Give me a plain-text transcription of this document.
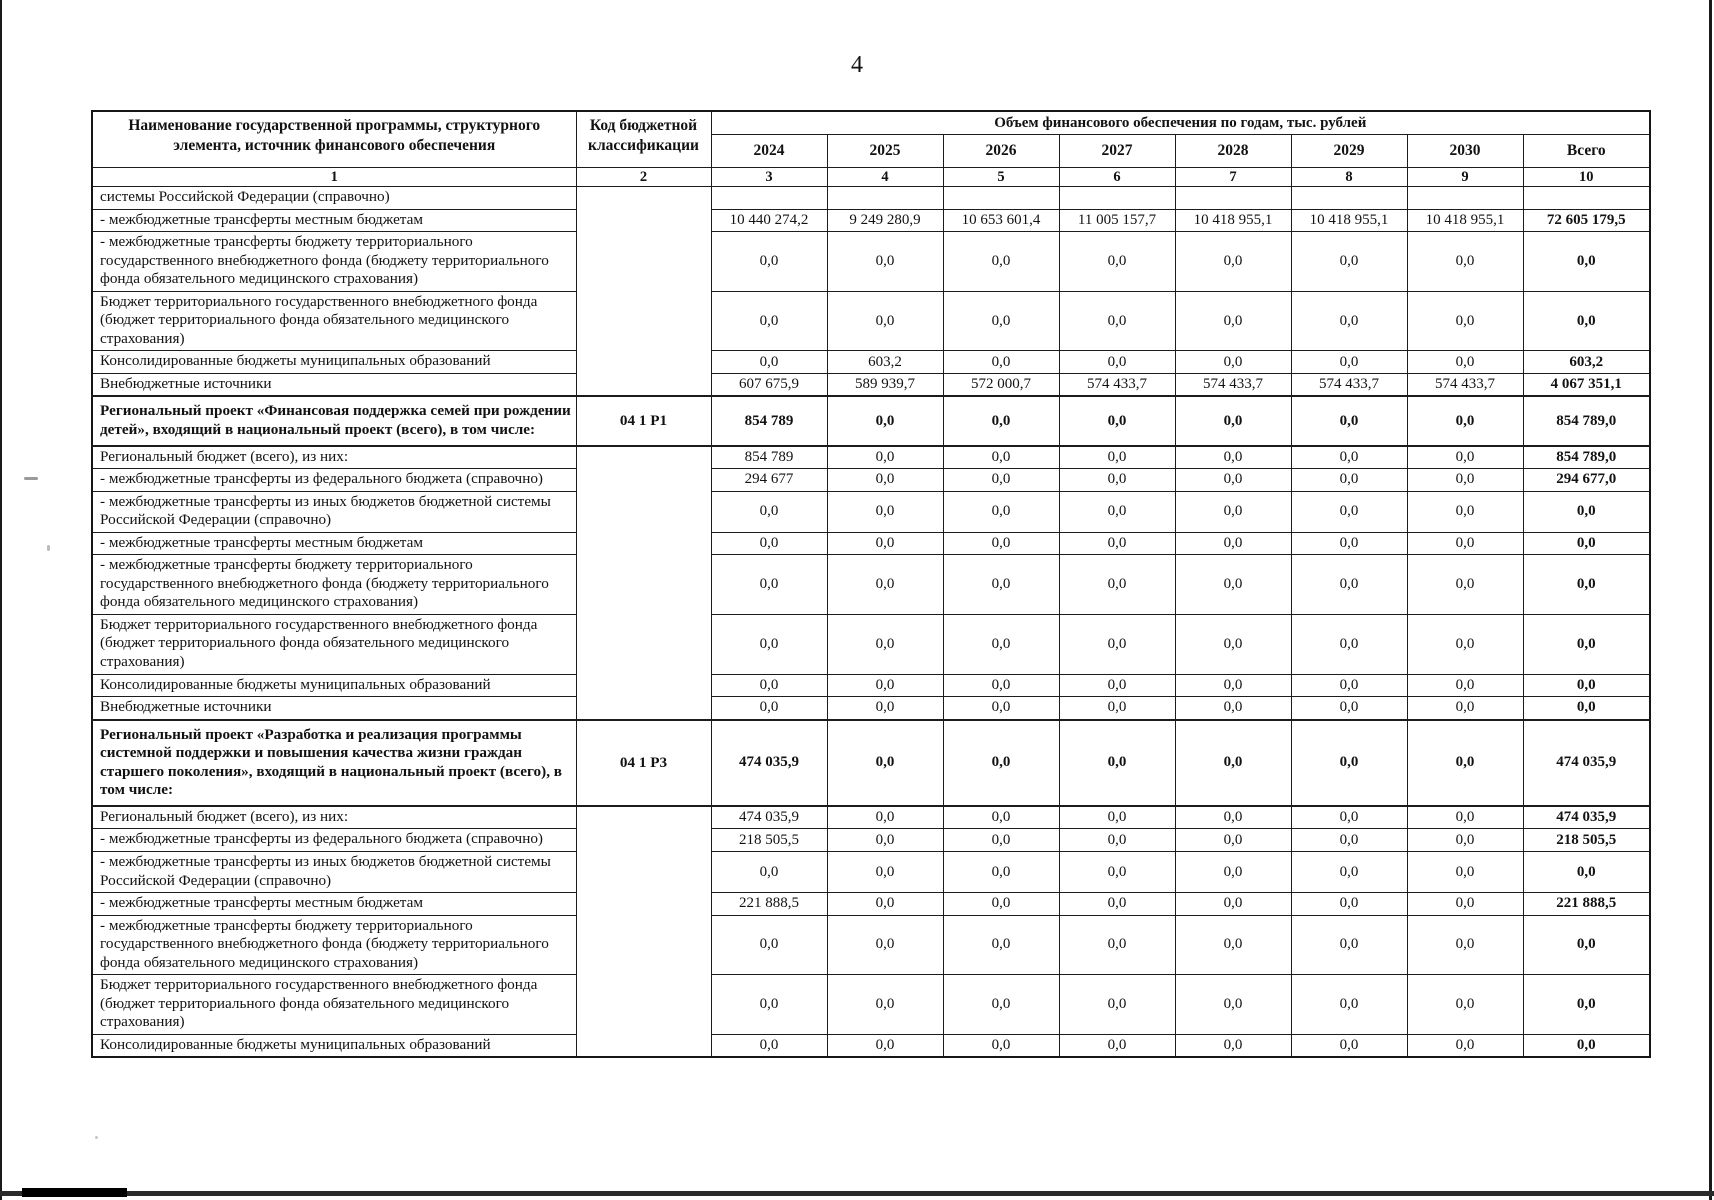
4
Наименование государственной программы, структурного элемента, источник финансового обеспечения	Код бюджетной классификации	Объем финансового обеспечения по годам, тыс. рублей							
		2024	2025	2026	2027	2028	2029	2030	Всего
1	2	3	4	5	6	7	8	9	10
системы Российской Федерации (справочно)									
- межбюджетные трансферты местным бюджетам		10 440 274,2	9 249 280,9	10 653 601,4	11 005 157,7	10 418 955,1	10 418 955,1	10 418 955,1	72 605 179,5
- межбюджетные трансферты бюджету территориального государственного внебюджетного фонда (бюджету территориального фонда обязательного медицинского страхования)		0,0	0,0	0,0	0,0	0,0	0,0	0,0	0,0
Бюджет территориального государственного внебюджетного фонда (бюджет территориального фонда обязательного медицинского страхования)		0,0	0,0	0,0	0,0	0,0	0,0	0,0	0,0
Консолидированные бюджеты муниципальных образований		0,0	603,2	0,0	0,0	0,0	0,0	0,0	603,2
Внебюджетные источники		607 675,9	589 939,7	572 000,7	574 433,7	574 433,7	574 433,7	574 433,7	4 067 351,1
Региональный проект «Финансовая поддержка семей при рождении детей», входящий в национальный проект (всего), в том числе:	04 1 Р1	854 789	0,0	0,0	0,0	0,0	0,0	0,0	854 789,0
Региональный бюджет (всего), из них:		854 789	0,0	0,0	0,0	0,0	0,0	0,0	854 789,0
- межбюджетные трансферты из федерального бюджета (справочно)		294 677	0,0	0,0	0,0	0,0	0,0	0,0	294 677,0
- межбюджетные трансферты из иных бюджетов бюджетной системы Российской Федерации (справочно)		0,0	0,0	0,0	0,0	0,0	0,0	0,0	0,0
- межбюджетные трансферты местным бюджетам		0,0	0,0	0,0	0,0	0,0	0,0	0,0	0,0
- межбюджетные трансферты бюджету территориального государственного внебюджетного фонда (бюджету территориального фонда обязательного медицинского страхования)		0,0	0,0	0,0	0,0	0,0	0,0	0,0	0,0
Бюджет территориального государственного внебюджетного фонда (бюджет территориального фонда обязательного медицинского страхования)		0,0	0,0	0,0	0,0	0,0	0,0	0,0	0,0
Консолидированные бюджеты муниципальных образований		0,0	0,0	0,0	0,0	0,0	0,0	0,0	0,0
Внебюджетные источники		0,0	0,0	0,0	0,0	0,0	0,0	0,0	0,0
Региональный проект «Разработка и реализация программы системной поддержки и повышения качества жизни граждан старшего поколения», входящий в национальный проект (всего), в том числе:	04 1 Р3	474 035,9	0,0	0,0	0,0	0,0	0,0	0,0	474 035,9
Региональный бюджет (всего), из них:		474 035,9	0,0	0,0	0,0	0,0	0,0	0,0	474 035,9
- межбюджетные трансферты из федерального бюджета (справочно)		218 505,5	0,0	0,0	0,0	0,0	0,0	0,0	218 505,5
- межбюджетные трансферты из иных бюджетов бюджетной системы Российской Федерации (справочно)		0,0	0,0	0,0	0,0	0,0	0,0	0,0	0,0
- межбюджетные трансферты местным бюджетам		221 888,5	0,0	0,0	0,0	0,0	0,0	0,0	221 888,5
- межбюджетные трансферты бюджету территориального государственного внебюджетного фонда (бюджету территориального фонда обязательного медицинского страхования)		0,0	0,0	0,0	0,0	0,0	0,0	0,0	0,0
Бюджет территориального государственного внебюджетного фонда (бюджет территориального фонда обязательного медицинского страхования)		0,0	0,0	0,0	0,0	0,0	0,0	0,0	0,0
Консолидированные бюджеты муниципальных образований		0,0	0,0	0,0	0,0	0,0	0,0	0,0	0,0
